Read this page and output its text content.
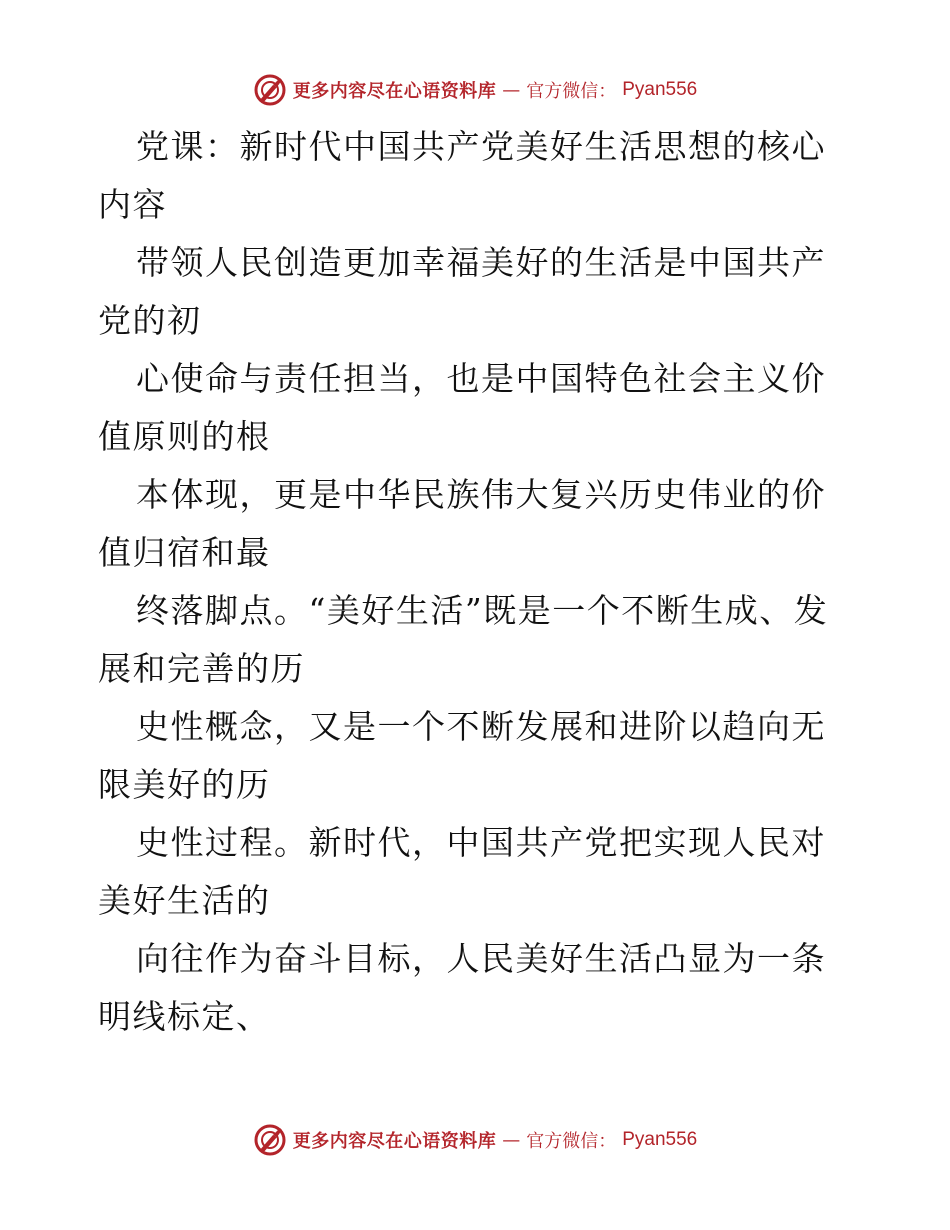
更多内容尽在心语资料库 — 官方微信： Pyan556

党课：新时代中国共产党美好生活思想的核心内容

带领人民创造更加幸福美好的生活是中国共产党的初

心使命与责任担当，也是中国特色社会主义价值原则的根

本体现，更是中华民族伟大复兴历史伟业的价值归宿和最

终落脚点。“美好生活”既是一个不断生成、发展和完善的历

史性概念，又是一个不断发展和进阶以趋向无限美好的历

史性过程。新时代，中国共产党把实现人民对美好生活的

向往作为奋斗目标，人民美好生活凸显为一条明线标定、

更多内容尽在心语资料库 — 官方微信： Pyan556
